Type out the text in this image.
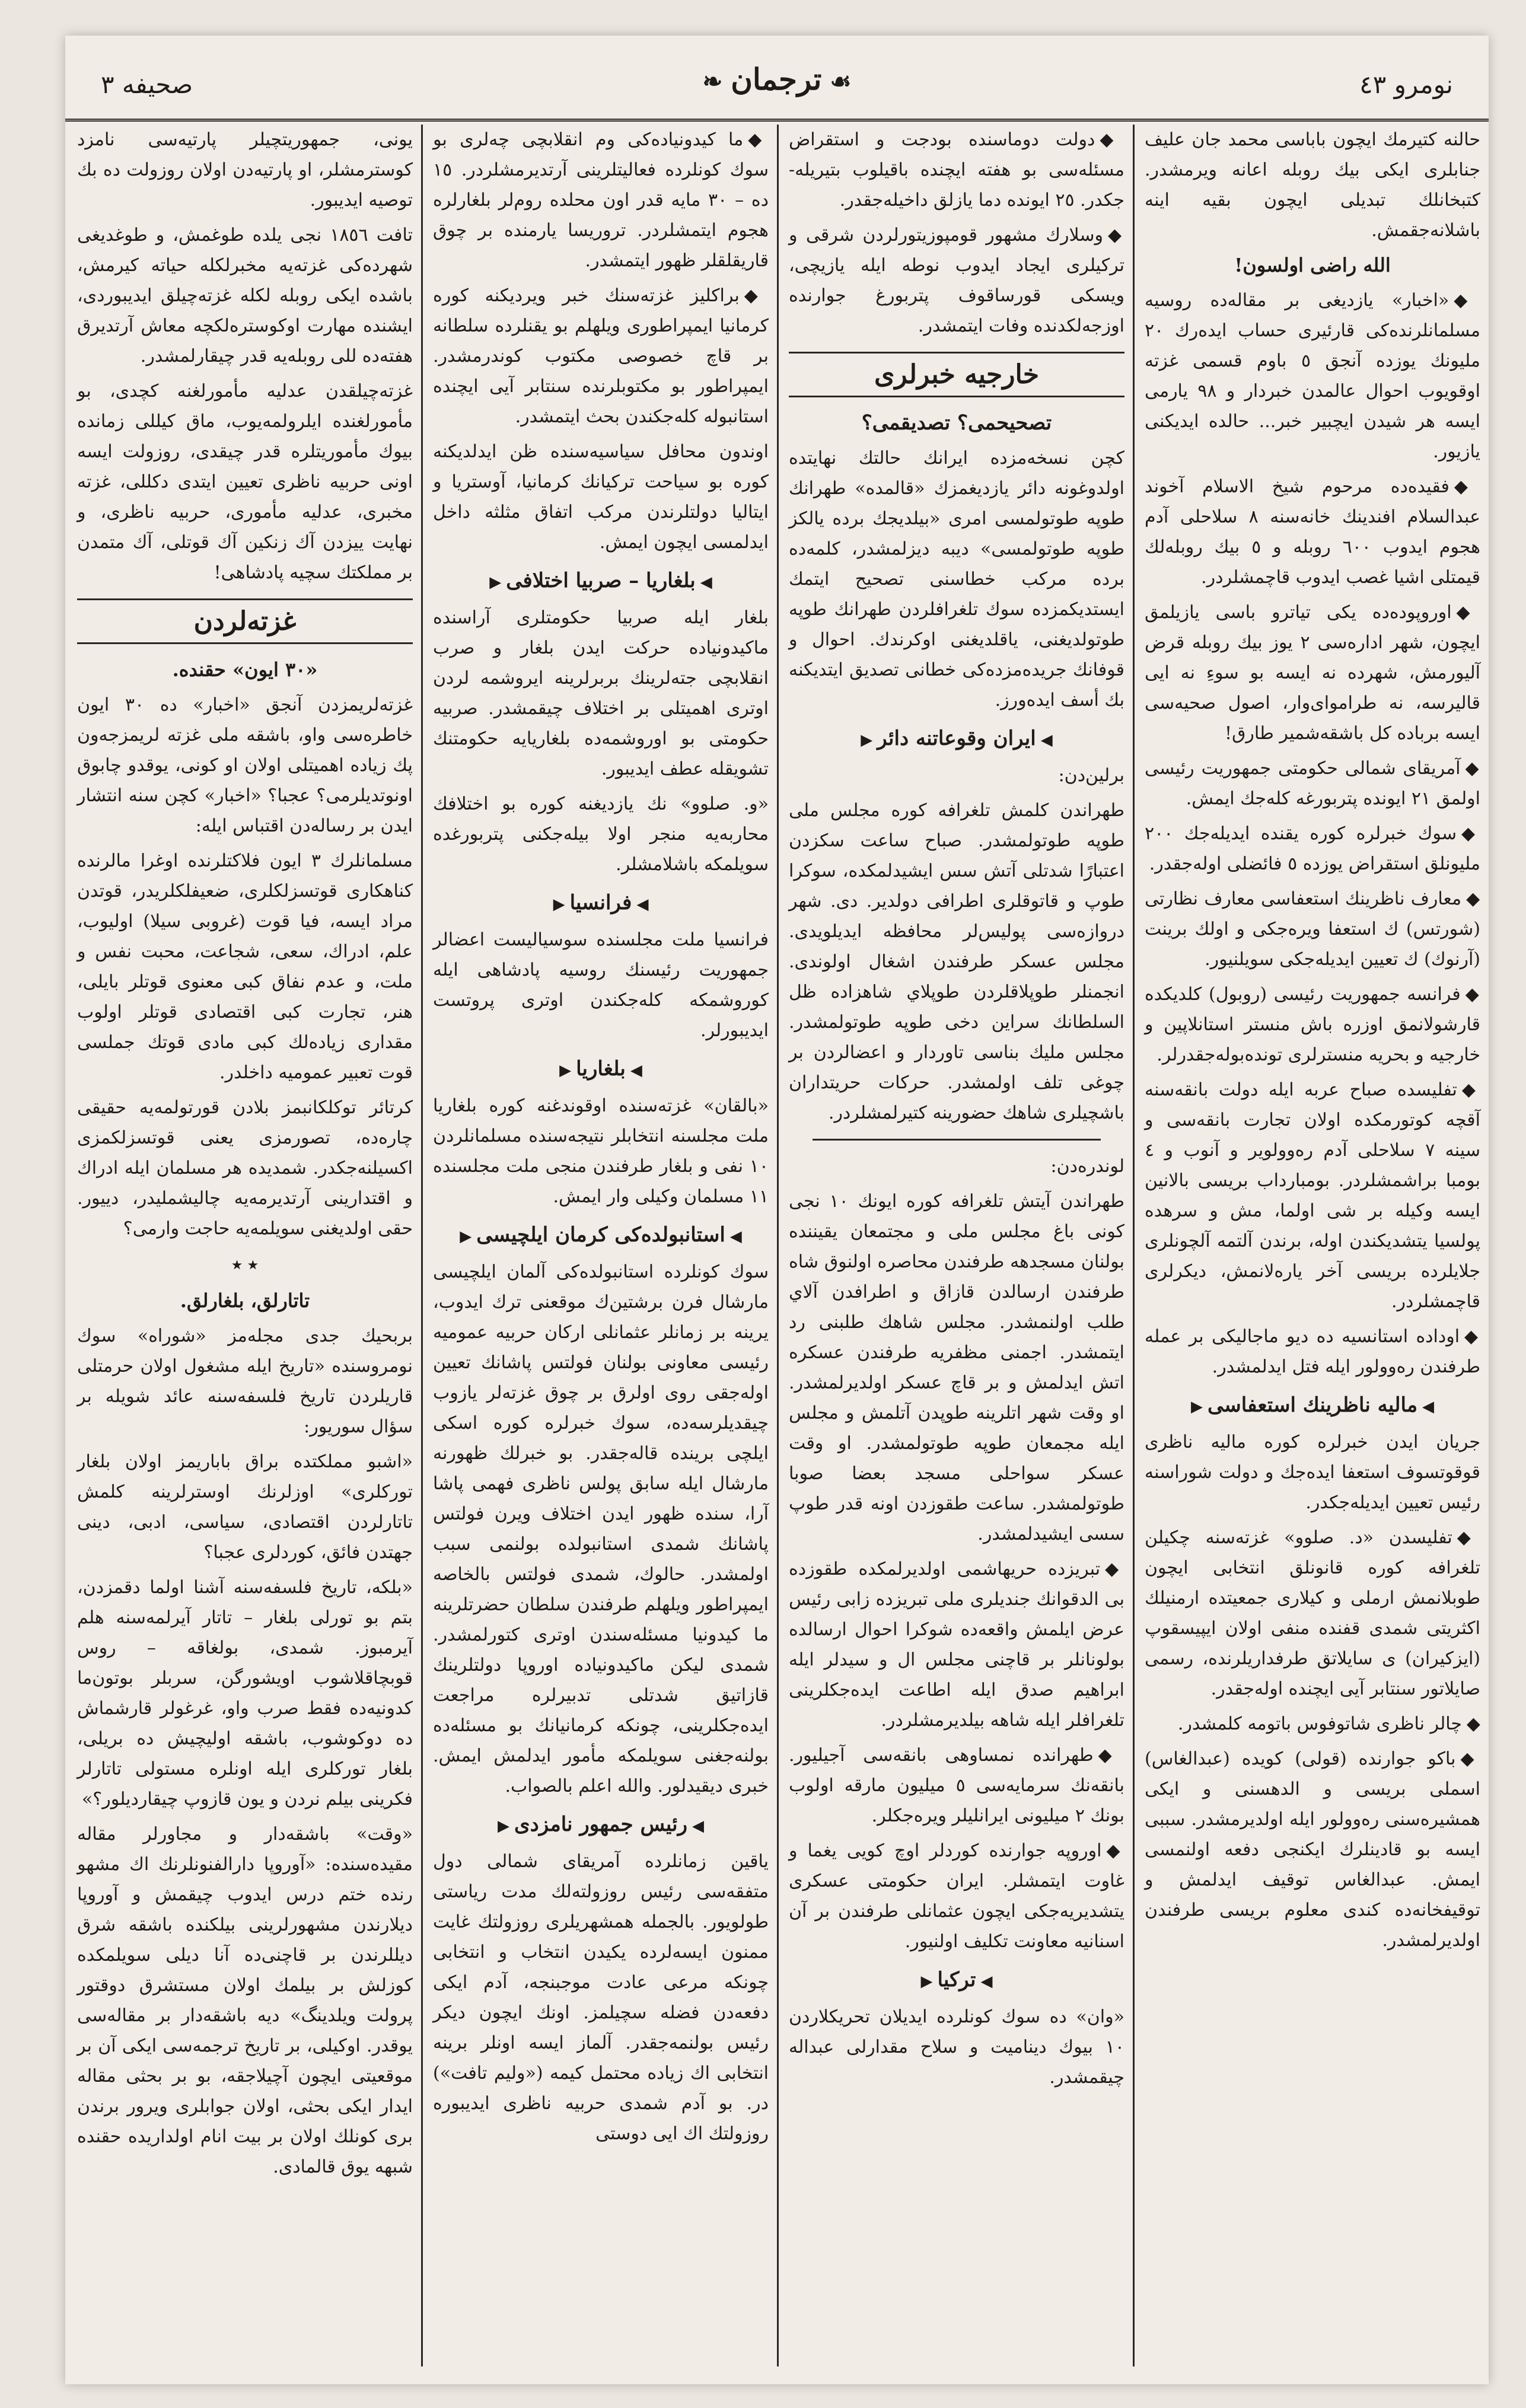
صحيفه ٣	❧ ترجمان ☙	نومرو ٤٣

حالنه كتيرمك ايچون باباسى محمد جان عليف جنابلرى ايكى بيك روبله اعانه ويرمشدر. كتبخانلك تبديلى ايچون بقيه اينه باشلانه‌جقمش.

الله راضى اولسون!

◆«اخبار» يازديغى بر مقاله‌ده روسيه مسلمانلرنده‌كى قارئيرى حساب ايدەرك ٢٠ مليونك يوزده آنجق ٥ باوم قسمى غزته اوقويوب احوال عالمدن خبردار و ٩٨ يارمى ايسه هر شيدن ايچبير خبر... حالده ايديكنى يازيور.

◆فقيده‌ده مرحوم شيخ الاسلام آخوند عبدالسلام افندينك خانه‌سنه ٨ سلاحلى آدم هجوم ايدوب ٦٠٠ روبله و ٥ بيك روبله‌لك قيمتلى اشيا غصب ايدوب قاچمشلردر.

◆اوروپوده‌ده يكى تياترو باسى يازيلمق ايچون، شهر اداره‌سى ٢ يوز بيك روبله قرض آليورمش، شهرده نه ايسه بو سوءِ نه ايى قاليرسه، نه طرامواى‌وار، اصول صحيه‌سى ايسه برباده كل باشقه‌شمير طارق!

◆آمريقاى شمالى حكومتى جمهوريت رئيسى اولمق ٢١ ايونده پتربورغه كله‌جك ايمش.

◆سوك خبرلره كوره يقنده ايديله‌جك ٢٠٠ مليونلق استقراض يوزده ٥ فائضلى اوله‌جقدر.

◆معارف ناظرينك استعفاسى معارف نظارتى (شورتس) ك استعفا ويره‌جكى و اولك برينت (آرنوك) ك تعيين ايديله‌جكى سويلنيور.

◆فرانسه جمهوريت رئيسى (روبول) كلديكده قارشولانمق اوزره باش منستر استانلاپين و خارجيه و بحريه منسترلرى تونده‌بوله‌جقدرلر.

◆تفليسده صباح عربه ايله دولت بانقه‌سنه آقچه كوتورمكده اولان تجارت بانقه‌سى و سينه ٧ سلاحلى آدم رەوولوير و آنوب و ٤ بومبا براشمشلردر. بومبارداب بريسى بالانين ايسه وكيله بر شى اولما، مش و سرهده پولسيا يتشديكندن اوله، برندن آلتمه آلچونلرى جلايلرده بريسى آخر يارەلانمش، ديكرلرى قاچمشلردر.

◆اوداده استانسيه ده ديو ماجاليكى بر عمله طرفندن رەوولور ايله فتل ايدلمشدر.

◀ماليه ناظرينك استعفاسى▶

جريان ايدن خبرلره كوره ماليه ناظرى قوقوتسوف استعفا ايدەجك و دولت شوراسنه رئيس تعيين ايديله‌جكدر.

◆تفليسدن «د. صلوو» غزته‌سنه چكيلن تلغرافه كوره قانونلق انتخابى ايچون طوبلانمش ارملى و كيلارى جمعيتده ارمنيلك اكثريتى شمدى قفنده منفى اولان ايپيسقوپ (ايزكيران) ى سايلاتق طرفداريلرنده، رسمى صايلاتور سنتابر آيى ايچنده اوله‌جقدر.

◆چالر ناظرى شاتوفوس باتومه كلمشدر.

◆باكو جوارنده (قولى) كويده (عبدالغاس) اسملى بريسى و الدهسنى و ايكى همشيره‌سنى ره‌وولور ايله اولديرمشدر. سببى ايسه بو قادينلرك ايكنجى دفعه اولنمسى ايمش. عبدالغاس توقيف ايدلمش و توقيفخانه‌ده كندى معلوم بريسى طرفندن اولديرلمشدر.

◆دولت دوماسنده بودجت و استقراض مسئله‌سى بو هفته ايچنده باقيلوب بتيريله-جكدر. ٢٥ ايونده دما يازلق داخيله‌جقدر.

◆وسلارك مشهور قومپوزيتورلردن شرقى و تركيلرى ايجاد ايدوب نوطه ايله يازيچى، ويسكى قورساقوف پتربورغ جوارنده اوزجه‌لكدنده وفات ايتمشدر.

خارجيه خبرلرى
تصحيحمى؟ تصديقمى؟

كچن نسخه‌مزده ايرانك حالتك نهايتده اولدوغونه دائر يازديغمزك «قالمده» طهرانك طوپه طوتولمسى امرى «بيلديجك برده يالكز طوپه طوتولمسى» ديبه ديزلمشدر، كلمه‌ده برده مركب خطاسنى تصحيح ايتمك ايستديكمزده سوك تلغرافلردن طهرانك طوپه طوتولديغنى، ياقلديغنى اوكرندك. احوال و قوفانك جريده‌مزده‌كى خطانى تصديق ايتديكنه بك أسف ايدەورز.

◀ايران وقوعاتنه دائر▶

برلين‌دن:

طهراندن كلمش تلغرافه كوره مجلس ملى طوپه طوتولمشدر. صباح ساعت سكزدن اعتبارًا شدتلى آتش سس ايشيدلمكده، سوكرا طوپ و قاتوقلرى اطرافى دولدير. دى. شهر دروازه‌سى پوليس‌لر محافظه ايديلويدى. مجلس عسكر طرفندن اشغال اولوندى. انجمنلر طوپلاقلردن طوپلاي شاهزاده ظل السلطانك سراين دخى طوپه طوتولمشدر. مجلس مليك بناسى تاوردار و اعضالردن بر چوغى تلف اولمشدر. حركات حريتداران باشچيلرى شاهك حضورينه كتيرلمشلردر.

لوندره‌دن:

طهراندن آيتش تلغرافه كوره ايونك ١٠ نجى كونى باغ مجلس ملى و مجتمعان يقيننده بولنان مسجدهه طرفندن محاصره اولنوق شاه طرفندن ارسالدن قازاق و اطرافدن آلاي طلب اولنمشدر. مجلس شاهك طلبنى رد ايتمشدر. اجمنى مظفريه طرفندن عسكره اتش ايدلمش و بر قاچ عسكر اولديرلمشدر. او وقت شهر اتلرينه طوپدن آتلمش و مجلس ايله مجمعان طوپه طوتولمشدر. او وقت عسكر سواحلى مسجد بعضا صوبا طوتولمشدر. ساعت طقوزدن اونه قدر طوپ سسى ايشيدلمشدر.

◆تبريزده حريهاشمى اولديرلمكده طقوزده بى الدقوانك جنديلرى ملى تبريزده زابى رئيس عرض ايلمش واقعه‌ده شوكرا احوال ارسالده بولونانلر بر قاچنى مجلس ال و سيدلر ايله ابراهيم صدق ايله اطاعت ايده‌جكلرينى تلغرافلر ايله شاهه بيلديرمشلردر.

◆طهرانده نمساوهى بانقه‌سى آجيليور. بانقه‌نك سرمايه‌سى ٥ ميليون مارقه اولوب بونك ٢ ميليونى ايرانليلر ويره‌جكلر.

◆اوروپه جوارنده كوردلر اوچ كويى يغما و غاوت ايتمشلر. ايران حكومتى عسكرى يتشديريه‌جكى ايچون عثمانلى طرفندن بر آن اسنانيه معاونت تكليف اولنيور.

◀تركيا▶

«وان» ده سوك كونلرده ايديلان تحريكلاردن ١٠ بيوك ديناميت و سلاح مقدارلى عبداله چيقمشدر.

◆ما كيدونياده‌كى وم انقلابچى چه‌لرى بو سوك كونلرده فعاليتلرينى آرتديرمشلردر. ١٥ ده – ٣٠ مايه قدر اون محلده روم‌لر بلغارلره هجوم ايتمشلردر. تروريسا يارمنده بر چوق قاريقلقلر ظهور ايتمشدر.

◆براكليز غزته‌سنك خبر ويرديكنه كوره كرمانيا ايمپراطورى ويلهلم بو يقنلرده سلطانه بر قاچ خصوصى مكتوب كوندرمشدر. ايمپراطور بو مكتوبلرنده سنتابر آيى ايچنده استانبوله كله‌جكندن بحث ايتمشدر.

اوندون محافل سياسيه‌سنده ظن ايدلديكنه كوره بو سياحت تركيانك كرمانيا، آوستريا و ايتاليا دولتلرندن مركب اتفاق مثلثه داخل ايدلمسى ايچون ايمش.

◀بلغاريا – صربيا اختلافى▶

بلغار ايله صربيا حكومتلرى آراسنده ماكيدونياده حركت ايدن بلغار و صرب انقلابچى جتەلرينك بربرلرينه ايروشمه لردن اوترى اهميتلى بر اختلاف چيقمشدر. صربيه حكومتى بو اوروشمه‌ده بلغاريايه حكومتنك تشويقله عطف ايديبور.

«و. صلوو» نك يازديغنه كوره بو اختلافك محاربه‌يه منجر اولا بيله‌جكنى پتربورغده سويلمكه باشلامشلر.

◀فرانسيا▶

فرانسيا ملت مجلسنده سوسياليست اعضالر جمهوريت رئيسنك روسيه پادشاهى ايله كوروشمكه كله‌جكندن اوترى پروتست ايديبورلر.

◀بلغاريا▶

«بالقان» غزته‌سنده اوقوندغنه كوره بلغاريا ملت مجلسنه انتخابلر نتيجه‌سنده مسلمانلردن ١٠ نفى و بلغار طرفندن منجى ملت مجلسنده ١١ مسلمان وكيلى وار ايمش.

◀استانبولده‌كى كرمان ايلچيسى▶

سوك كونلرده استانبولده‌كى آلمان ايلچيسى مارشال فرن برشتين‌ك موقعنى ترك ايدوب، يرينه بر زمانلر عثمانلى اركان حربيه عموميه رئيسى معاونى بولنان فولتس پاشانك تعيين اوله‌جقى روى اولرق بر چوق غزته‌لر يازوب چيقديلرسه‌ده، سوك خبرلره كوره اسكى ايلچى برينده قاله‌جقدر. بو خبرلك ظهورنه مارشال ايله سابق پولس ناظرى فهمى پاشا آرا، سنده ظهور ايدن اختلاف ويرن فولتس پاشانك شمدى استانبولده بولنمى سبب اولمشدر. حالوك، شمدى فولتس بالخاصه ايمپراطور ويلهلم طرفندن سلطان حضرتلرينه ما كيدونيا مسئله‌سندن اوترى كتورلمشدر. شمدى ليكن ماكيدونياده اوروپا دولتلرينك قازاتيق شدتلى تدبيرلره مراجعت ايده‌جكلرينى، چونكه كرمانيانك بو مسئله‌ده بولنه‌جغنى سويلمكه مأمور ايدلمش ايمش. خبرى ديقيدلور. والله اعلم بالصواب.

◀رئيس جمهور نامزدى▶

ياقين زمانلرده آمريقاى شمالى دول متفقه‌سى رئيس روزولته‌لك مدت رياستى طولويور. بالجمله همشهريلرى روزولتك غايت ممنون ايسه‌لرده يكيدن انتخاب و انتخابى چونكه مرعى عادت موجبنجه، آدم ايكى دفعه‌دن فضله سچيلمز. اونك ايچون ديكر رئيس بولنمه‌جقدر. آلماز ايسه اونلر برينه انتخابى اك زياده محتمل كيمه («وليم تافت») در. بو آدم شمدى حربيه ناظرى ايديبوره روزولتك اك ايى دوستى

يونى، جمهوريتچيلر پارتيه‌سى نامزد كوسترمشلر، او پارتيه‌دن اولان روزولت ده بك توصيه ايديبور.

تافت ١٨٥٦ نجى يلده طوغمش، و طوغديغى شهرده‌كى غزته‌يه مخبرلكله حياته كيرمش، باشده ايكى روبله لكله غزته‌چيلق ايديبوردى، ايشنده مهارت اوكوسترەلكچه معاش آرتديرق هفته‌ده للى روبله‌يه قدر چيقارلمشدر.

غزته‌چيلقدن عدليه مأمورلغنه كچدى، بو مأمورلغنده ايلرولمه‌يوب، ماق كيللى زمانده بيوك مأموريتلره قدر چيقدى، روزولت ايسه اونى حربيه ناظرى تعيين ايتدى دكللى، غزته مخبرى، عدليه مأمورى، حربيه ناظرى، و نهايت ييزدن آك زنكين آك قوتلى، آك متمدن بر مملكتك سچيه پادشاهى!

غزته‌لردن

«٣٠ ايون» حقنده.

غزته‌لريمزدن آنجق «اخبار» ده ٣٠ ايون خاطره‌سى واو، باشقه ملى غزته لريمزجه‌ون پك زياده اهميتلى اولان او كونى، يوقدو چابوق اونوتديلرمى؟ عجبا؟ «اخبار» كچن سنه انتشار ايدن بر رساله‌دن اقتباس ايله:

مسلمانلرك ٣ ايون فلاكتلرنده اوغرا مالرنده كناهكارى قوتسزلكلرى، ضعيفلكلريدر، قوتدن مراد ايسه، فيا قوت (غروبى سيلا) اوليوب، علم، ادراك، سعى، شجاعت، محبت نفس و ملت، و عدم نفاق كبى معنوى قوتلر بايلى، هنر، تجارت كبى اقتصادى قوتلر اولوب مقدارى زياده‌لك كبى مادى قوتك جملسى قوت تعبير عموميه داخلدر.

كرتائر توكلكانبمز بلادن قورتولمه‌يه حقيقى چاره‌ده، تصورمزى يعنى قوتسزلكمزى اكسيلنه‌جكدر. شمديده هر مسلمان ايله ادراك و اقتدارينى آرتديرمه‌يه چاليشمليدر، دييور. حقى اولديغنى سويلمه‌يه حاجت وارمى؟

٭ ٭

تاتارلق، بلغارلق.

بربحيك جدى مجله‌مز «شوراه» سوك نومروسنده «تاريخ ايله مشغول اولان حرمتلى قاريلردن تاريخ فلسفه‌سنه عائد شويله بر سؤال سوريور:

«اشبو مملكتده براق باباريمز اولان بلغار توركلرى» اوزلرنك اوسترلرينه كلمش تاتارلردن اقتصادى، سياسى، ادبى، دينى جهتدن فائق، كوردلرى عجبا؟

«بلكه، تاريخ فلسفه‌سنه آشنا اولما دقمزدن، بتم بو تورلى بلغار – تاتار آيرلمه‌سنه هلم آيرمبوز. شمدى، بولغاقه – روس قوبچاقلاشوب اويشورگن، سربلر بوتون‌ما كدونيه‌ده فقط صرب واو، غرغولر قارشماش ده دوكوشوب، باشقه اوليچيش ده بريلى، بلغار توركلرى ايله اونلره مستولى تاتارلر فكرينى بيلم نردن و يون قازوپ چيقارديلور؟»

«وقت» باشقه‌دار و مجاورلر مقاله مقيده‌سنده: «آوروپا دارالفنونلرنك اك مشهو رنده ختم درس ايدوب چيقمش و آوروپا ديلارندن مشهورلرينى بيلكنده باشقه شرق ديللرندن بر قاچنى‌ده آنا ديلى سويلمكده كوزلش بر بيلمك اولان مستشرق دوقتور پرولت ويلدينگ» ديه باشقه‌دار بر مقاله‌سى يوقدر. اوكيلى، بر تاريخ ترجمه‌سى ايكى آن بر موقعيتى ايچون آچيلاجقه، بو بر بحثى مقاله ايدار ايكى بحثى، اولان جوابلرى ويرور برندن برى كونلك اولان بر بيت انام اولداريده حقنده شبهه يوق قالمادى.
